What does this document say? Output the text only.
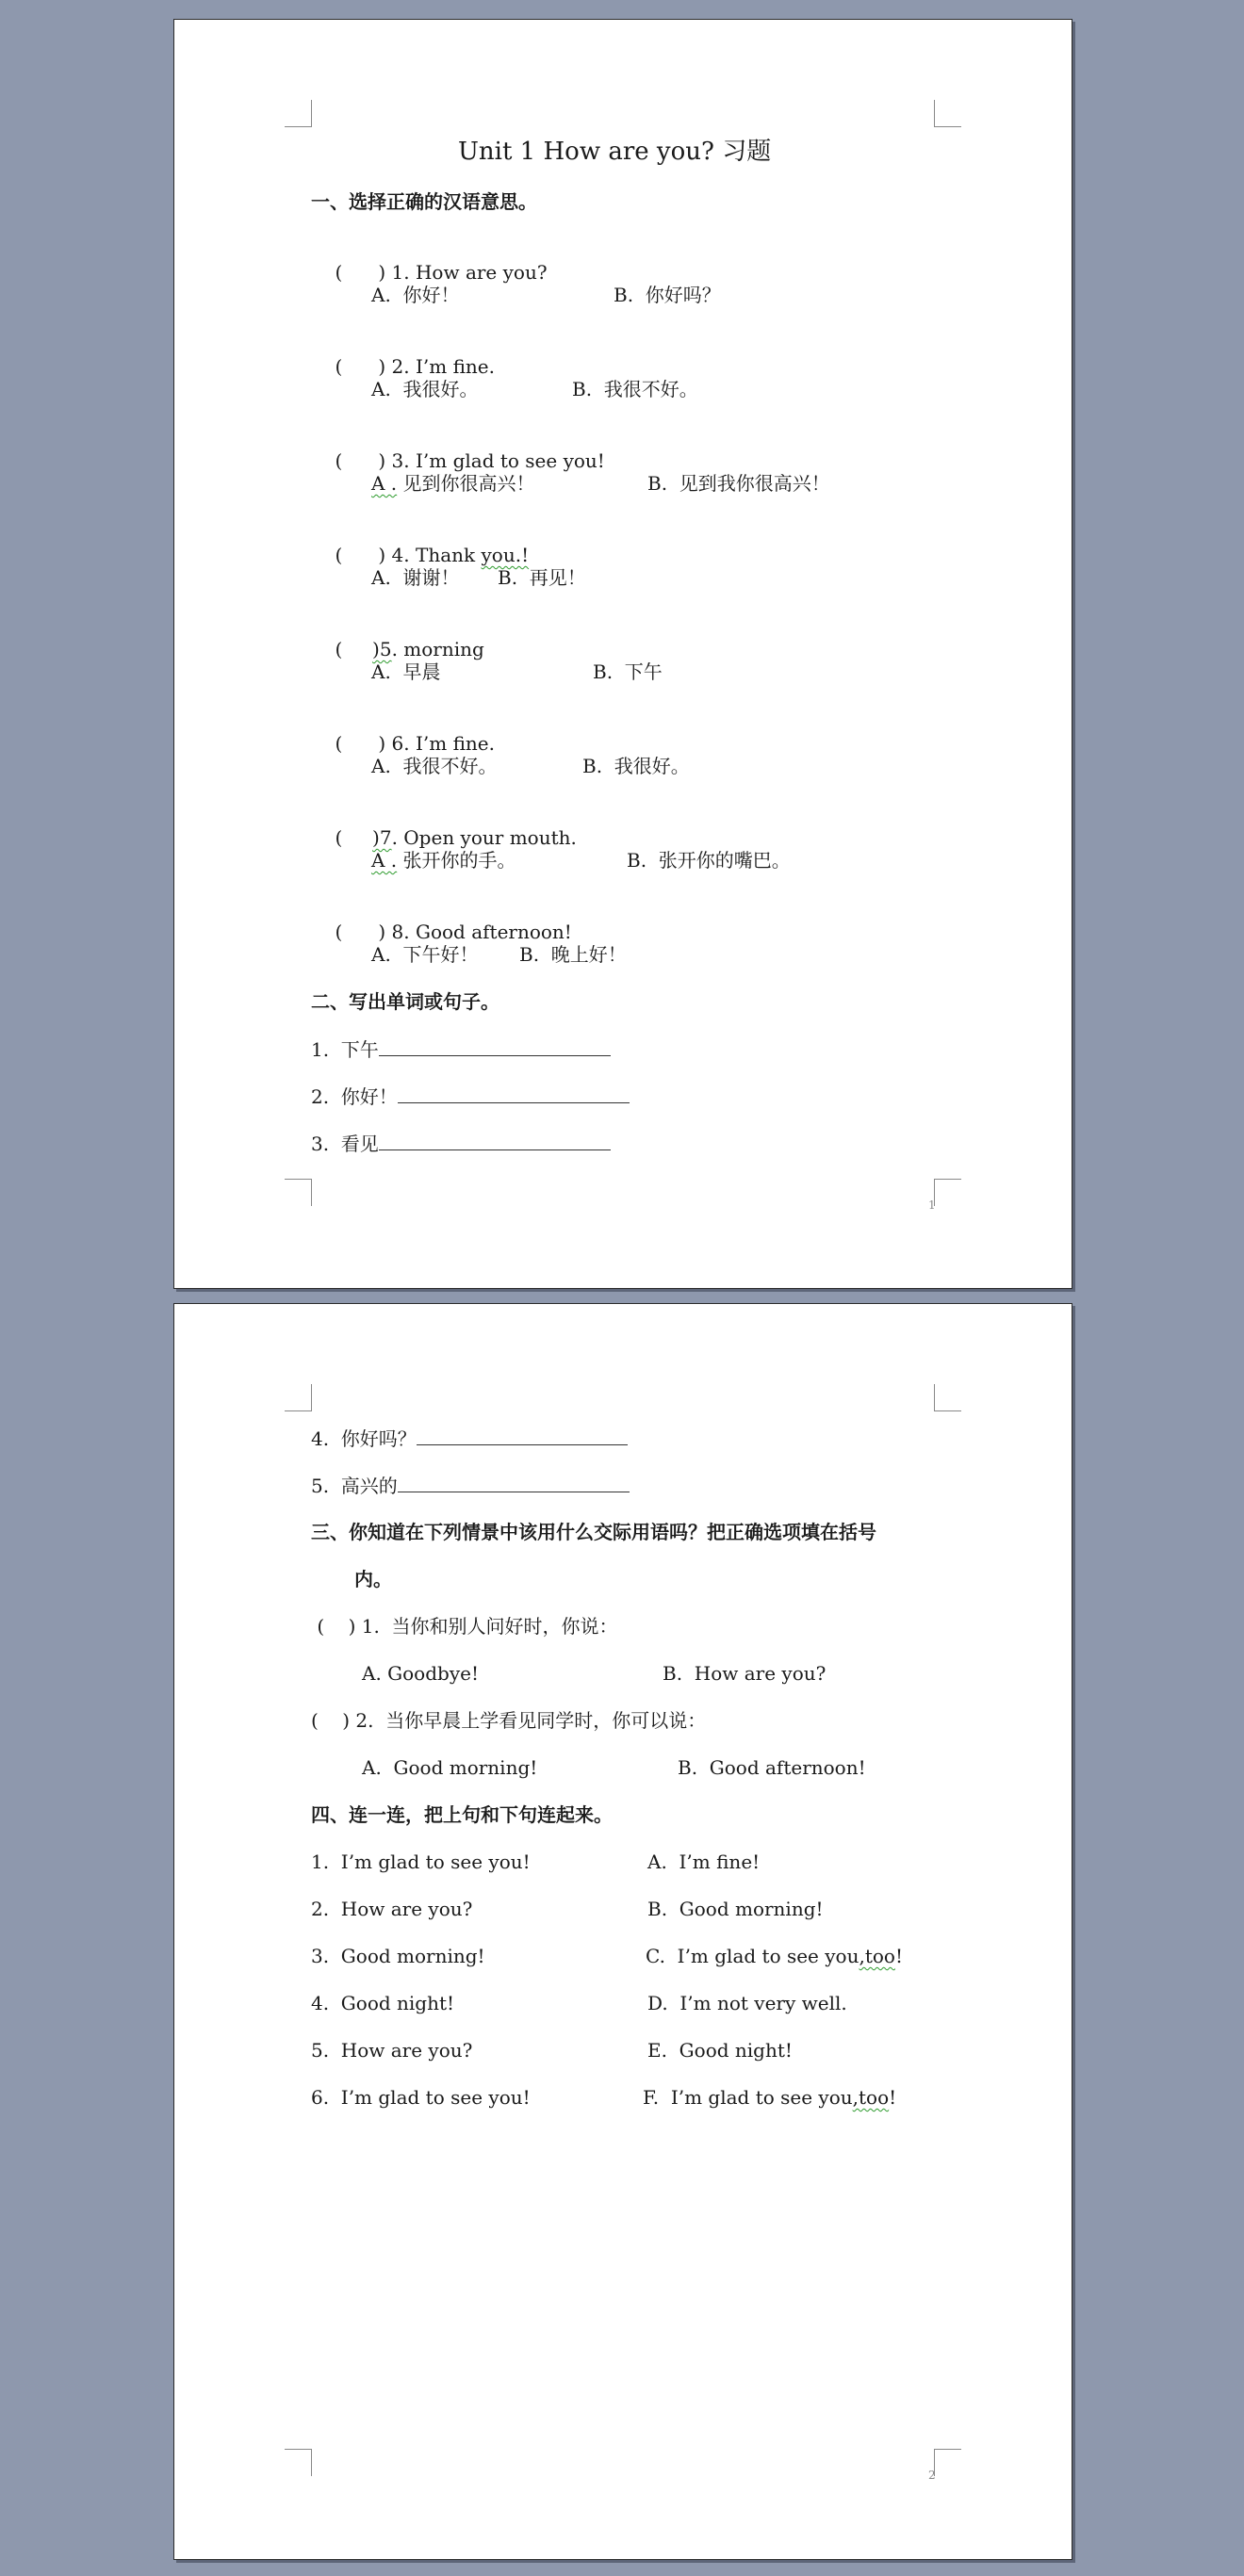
Unit 1 How are you? 习题
一、选择正确的汉语意思。

(      ) 1. How are you?

A.  你好！	B.  你好吗？

(      ) 2. I’m fine.

A.  我很好。	B.  我很不好。

(      ) 3. I’m glad to see you!

A . 见到你很高兴！	B.  见到我你很高兴！

(      ) 4. Thank you.!

A.  谢谢！ B.  再见！

(     )5. morning

A.  早晨	B.  下午

(      ) 6. I’m fine.

A.  我很不好。	B.  我很好。

(     )7. Open your mouth.

A . 张开你的手。	B.  张开你的嘴巴。

(      ) 8. Good afternoon!

A.  下午好！ B.  晚上好！
二、写出单词或句子。
1.  下午
2.  你好！
3.  看见
1
4.  你好吗？
5.  高兴的
三、你知道在下列情景中该用什么交际用语吗？把正确选项填在括号
内。
(    ) 1.  当你和别人问好时，你说：
A. Goodbye!	B.  How are you?
(    ) 2.  当你早晨上学看见同学时，你可以说：
A.  Good morning!	B.  Good afternoon!
四、连一连，把上句和下句连起来。
1.  I’m glad to see you!	A.  I’m fine!
2.  How are you?	B.  Good morning!
3.  Good morning!	C.  I’m glad to see you,too!
4.  Good night!	D.  I’m not very well.
5.  How are you?	E.  Good night!
6.  I’m glad to see you!	F.  I’m glad to see you,too!
2
